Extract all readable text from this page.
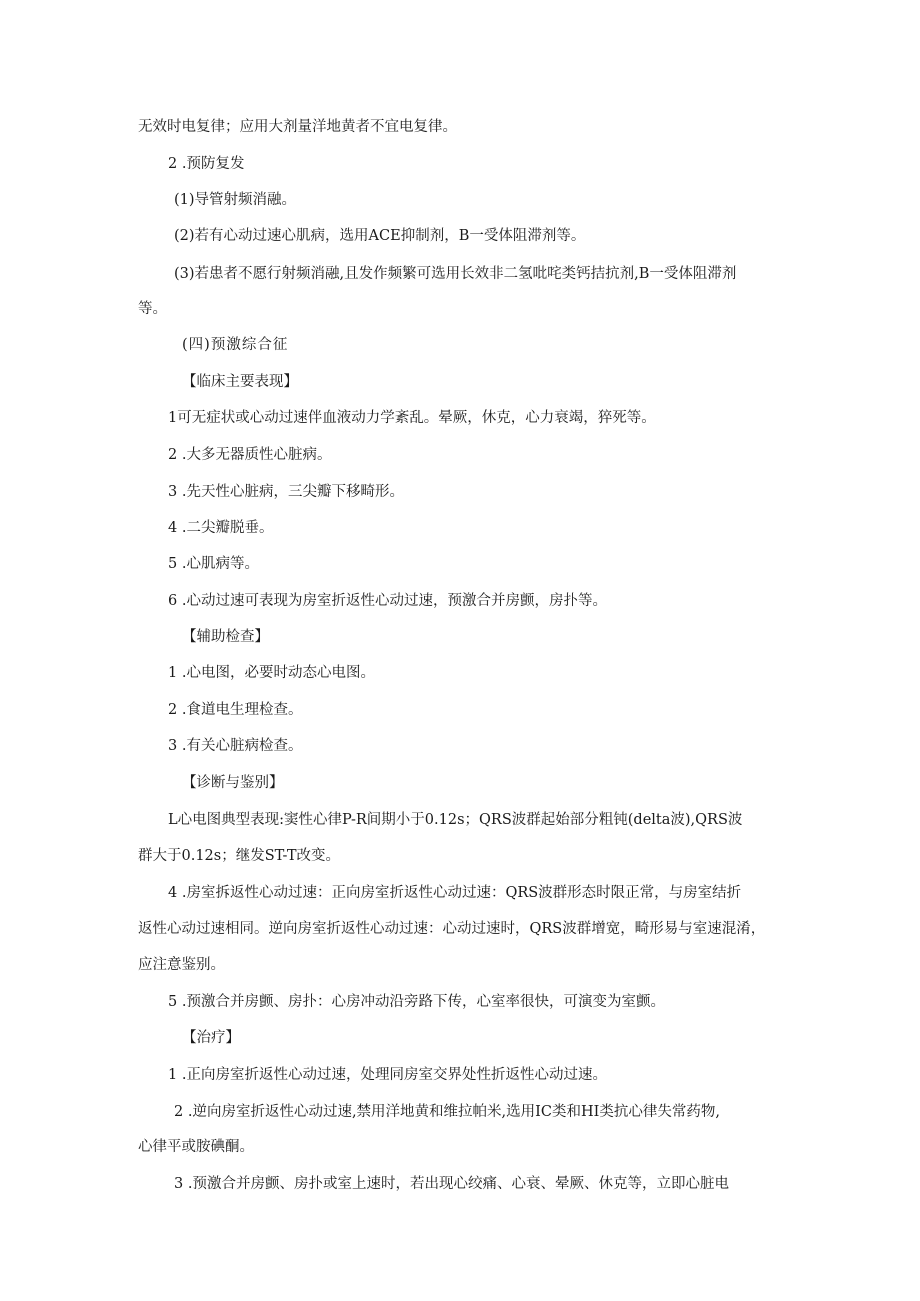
无效时电复律；应用大剂量洋地黄者不宜电复律。
2 .预防复发
(1)导管射频消融。
(2)若有心动过速心肌病，选用ACE抑制剂，B一受体阻滞剂等。
(3)若患者不愿行射频消融,且发作频繁可选用长效非二氢吡咤类钙拮抗剂,B一受体阻滞剂
等。
(四)预激综合征
【临床主要表现】
1可无症状或心动过速伴血液动力学紊乱。晕厥，休克，心力衰竭，猝死等。
2 .大多无器质性心脏病。
3 .先天性心脏病，三尖瓣下移畸形。
4 .二尖瓣脱垂。
5 .心肌病等。
6 .心动过速可表现为房室折返性心动过速，预激合并房颤，房扑等。
【辅助检查】
1 .心电图，必要时动态心电图。
2 .食道电生理检查。
3 .有关心脏病检查。
【诊断与鉴别】
L心电图典型表现:窦性心律P-R间期小于0.12s；QRS波群起始部分粗钝(delta波),QRS波
群大于0.12s；继发ST-T改变。
4 .房室拆返性心动过速：正向房室折返性心动过速：QRS波群形态时限正常，与房室结折
返性心动过速相同。逆向房室折返性心动过速：心动过速时，QRS波群增宽，畸形易与室速混淆，
应注意鉴别。
5 .预激合并房颤、房扑：心房冲动沿旁路下传，心室率很快，可演变为室颤。
【治疗】
1 .正向房室折返性心动过速，处理同房室交界处性折返性心动过速。
2 .逆向房室折返性心动过速,禁用洋地黄和维拉帕米,选用IC类和HI类抗心律失常药物,
心律平或胺碘酮。
3 .预激合并房颤、房扑或室上速时，若出现心绞痛、心衰、晕厥、休克等，立即心脏电
